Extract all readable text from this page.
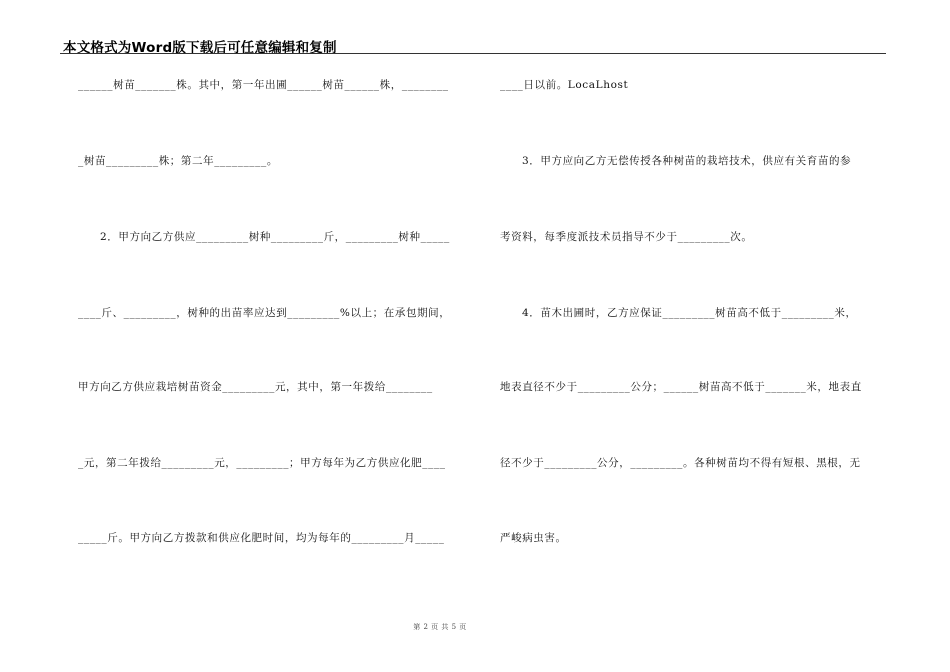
本文格式为Word版下载后可任意编辑和复制
______树苗_______株。其中，第一年出圃______树苗______株，________
_树苗_________株；第二年_________。
2．甲方向乙方供应_________树种_________斤，_________树种_____
____斤、_________，树种的出苗率应达到_________%以上；在承包期间，
甲方向乙方供应栽培树苗资金_________元，其中，第一年拨给________
_元，第二年拨给_________元，_________；甲方每年为乙方供应化肥____
_____斤。甲方向乙方拨款和供应化肥时间，均为每年的_________月_____
____日以前。LocaLhost
3．甲方应向乙方无偿传授各种树苗的栽培技术，供应有关育苗的参
考资料，每季度派技术员指导不少于_________次。
4．苗木出圃时，乙方应保证_________树苗高不低于_________米，
地表直径不少于_________公分；______树苗高不低于_______米，地表直
径不少于_________公分，_________。各种树苗均不得有短根、黑根，无
严峻病虫害。
第 2 页 共 5 页
